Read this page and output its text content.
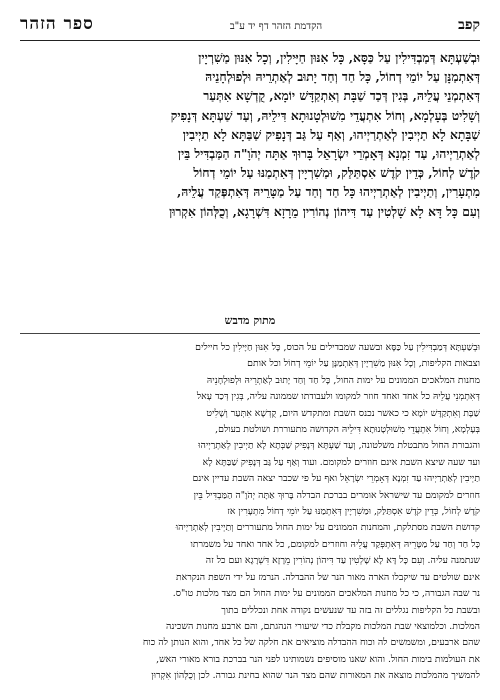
קפב
הקדמת הזהר דף יד ע"ב
ספר הזהר
וּבְשַׁעְתָּא דְּמַבְדִּילִין עַל כַּסָּא, כָּל אִנּוּן חַיָּילִין, וְכָל אִנּוּן מַשִׁרְיָין
דְּאִתְמַנָּן עַל יוֹמֵי דְחוֹל, כָּל חַד וְחַד יָתוּב לְאַתְרֵיהּ וּלְפוּלְחָנֵיהּ
דְּאִתְמְנֵי עֲלֵיהּ, בְּגִין דְּכַד שַׁבָּת וְאִתְקַדָּשׁ יוֹמָא, קֻדְשָׁא אִתְּעַר
וְשָׁלִיט בְּעָלְמָא, וְחוֹל אִתְעֲדֵי מִשׁוּלְטָנוּתָא דִּילֵיהּ, וְעַד שַׁעְתָּא דְּנָפִיק
שַׁבָּתָא לָא תַיְיבִין לְאַתְרַיְיהוּ, וְאַף עַל גַּב דְּנָפִיק שַׁבַּתָּא לָא תַיְיבִין
לְאַתְרַיְיהוּ, עַד זִמְנָא דְּאָמְרֵי יִשְׂרָאֵל בָּרוּךְ אַתָּה יְהֹוָ"ה הַמַּבְדִּיל בֵּין
קֹדֶשׁ לְחוֹל, כְּדֵין קֹדֶשׁ אִסְתַּלַּק, וּמַשִׁרְיָין דְּאִתְמַנּוּ עַל יוֹמֵי דְחוֹל
מִתְעָרִין, וְתַיְיבִין לְאַתְרַיְיהוּ כָּל חַד וְחַד עַל מַטָּרֵיהּ דְּאִתְפְּקַד עֲלֵיהּ,
וְעִם כָּל דָּא לָא שָׁלְטִין עַד דִּיהוֹן נְהוֹרִין מֵרָזָא דִּשְׁרָגָא, וְכֻלְּהוֹן אִקְרוּן
מתוק מדבש
וּבְשַׁעְתָּא דְּמַבְדִּילִין עַל כַּסָּא ובשעה שמבדילים על הכוס, כָּל אִנּוּן חַיָּילִין כל חיילים
וצבאות הקליפות, וְכָל אִנּוּן מַשִׁרְיָין דְּאִתְמַנָּן עַל יוֹמֵי דְחוֹל וכל אותם
מחנות המלאכים הממונים על ימות החול, כָּל חַד וְחַד יָתוּב לְאַתְרֵיהּ וּלְפוּלְחָנֵיהּ
דְּאִתְמְנֵי עֲלֵיהּ כל אחד ואחד חוזר למקומו ולעבודתו שממונה עליה, בְּגִין דְּכַד עָאל
שַׁבָּת וְאִתְקַדָּשׁ יוֹמָא כי כאשר נכנס השבת ומתקדש היום, קֻדְשָׁא אִתְּעַר וְשָׁלִיט
בְּעָלְמָא, וְחוֹל אִתְעֲדֵי מִשׁוּלְטָנוּתָא דִּילֵיהּ הקדושה מתעוררת ושולטת בעולם,
והגבורת החול מתבטלת משלטונה, וְעַד שַׁעְתָּא דְּנָפִיק שַׁבְּתָא לָא תַיְיבִין לְאַתְרַיְיהוּ
ועד שעה שיצא השבת אינם חוזרים למקומם. ועוד וְאַף עַל גַּב דְּנָפִיק שַׁבַּתָּא לָא
תַיְיבִין לְאַתְרַיְיהוּ עַד זִמְנָא דְּאָמְרֵי יִשְׂרָאֵל ואף על פי שכבר יצאה השבת עדיין אינם
חוזרים למקומם עד שישראל אומרים בברכת הבדלה בָּרוּךְ אַתָּה יְהֹוָ"ה הַמַּבְדִּיל בֵּין
קֹדֶשׁ לְחוֹל, כְּדֵין קֹדֶשׁ אִסְתַּלַּק, וּמַשִׁרְיָין דְּאִתְמַנּוּ עַל יוֹמֵי דְחוֹל מִתְעָרִין אז
קדושת השבת מסתלקת, והמחנות הממונים על ימות החול מתעוררים וְתַיְיבִין לְאַתְרַיְיהוּ
כָּל חַד וְחַד עַל מַטָּרֵיהּ דְּאִתְפְּקַד עֲלֵיהּ וחוזרים למקומם, כל אחד ואחד על משמרתו
שנתמנה עליה. וְעִם כָּל דָּא לָא שָׁלְטִין עַד דִּיהוֹן נְהוֹרִין מֵרָזָא דִּשְׁרָגָא ועם כל זה
אינם שולטים עד שיקבלו הארה מאור הנר של ההבדלה. הנרמז על ידי השפת הנקראת
נר שבה הגבורה, כי כל מחנות המלאכים הממונים על ימות החול הם מצד מלכות טו"ס.
ובשבת כל הקליפות נגללים זה בזה עד שנעשים נקודה אחת ונכללים בתוך
המלכות. וכלמוצאי שבת המלכות מקבלת כדי שיעורי הנהגתם, והם ארבע מחנות השכינה
שהם ארבעים, ומשמשים לה וכוח ההבדלה מוציאים את חלקה של כל אחד, והוא הנותן לה כוח
את העולמות בימות החול. והוא שאנו מוסיפים נשמותינו לפני הנר בברכת בורא מאורי האש,
להמשיך מהמלכות מוצאה את המאורות שהם מצד הנר שהוא בחינת גבורה. לכן וְכֻלְּהוֹן אִקְרוּן
